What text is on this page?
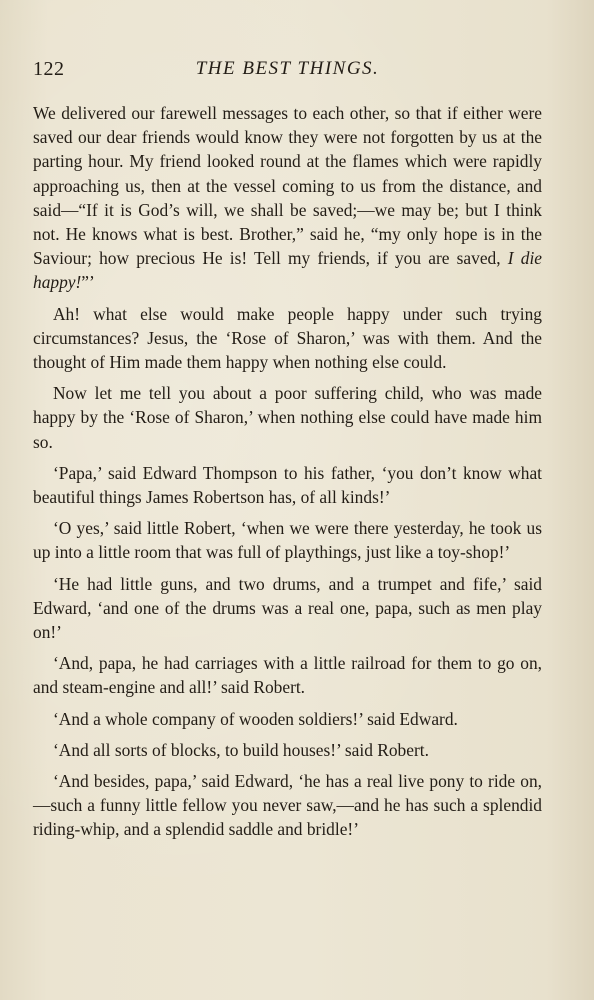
122	THE BEST THINGS.

We delivered our farewell messages to each other, so that if either were saved our dear friends would know they were not forgotten by us at the parting hour. My friend looked round at the flames which were rapidly approaching us, then at the vessel coming to us from the distance, and said—“If it is God’s will, we shall be saved;—we may be; but I think not. He knows what is best. Brother,” said he, “my only hope is in the Saviour; how precious He is! Tell my friends, if you are saved, I die happy!”’

Ah! what else would make people happy under such trying circumstances? Jesus, the ‘Rose of Sharon,’ was with them. And the thought of Him made them happy when nothing else could.

Now let me tell you about a poor suffering child, who was made happy by the ‘Rose of Sharon,’ when nothing else could have made him so.

‘Papa,’ said Edward Thompson to his father, ‘you don’t know what beautiful things James Robertson has, of all kinds!’

‘O yes,’ said little Robert, ‘when we were there yesterday, he took us up into a little room that was full of playthings, just like a toy-shop!’

‘He had little guns, and two drums, and a trumpet and fife,’ said Edward, ‘and one of the drums was a real one, papa, such as men play on!’

‘And, papa, he had carriages with a little railroad for them to go on, and steam-engine and all!’ said Robert.

‘And a whole company of wooden soldiers!’ said Edward.

‘And all sorts of blocks, to build houses!’ said Robert.

‘And besides, papa,’ said Edward, ‘he has a real live pony to ride on,—such a funny little fellow you never saw,—and he has such a splendid riding-whip, and a splendid saddle and bridle!’
